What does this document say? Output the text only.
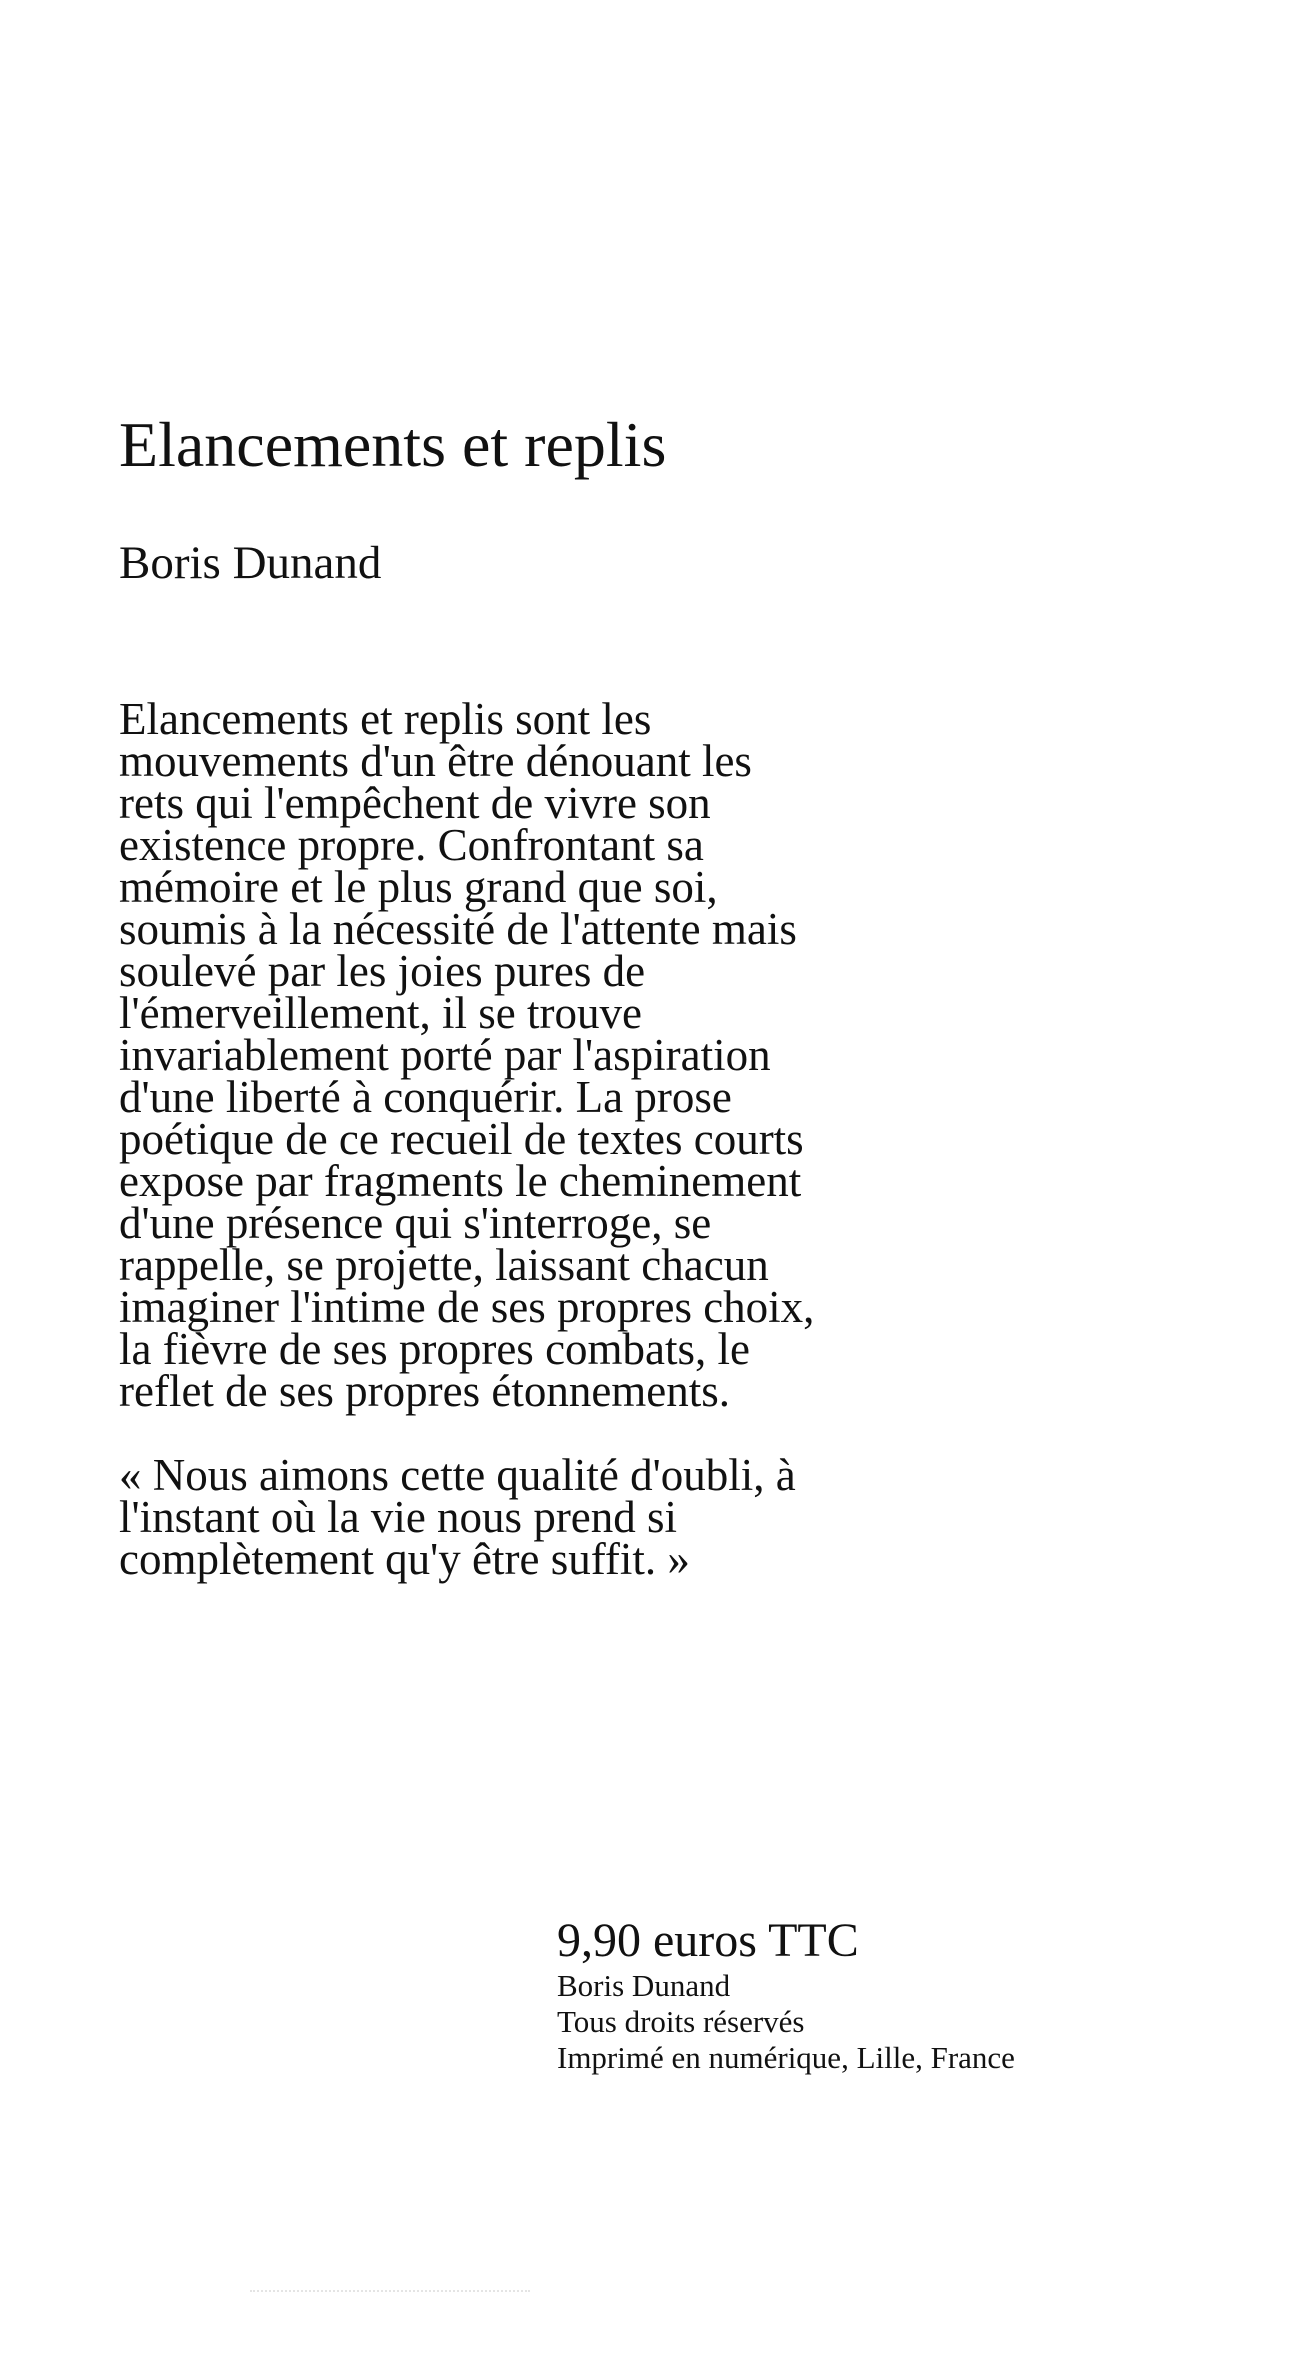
Elancements et replis
Boris Dunand

Elancements et replis sont les
mouvements d'un être dénouant les
rets qui l'empêchent de vivre son
existence propre. Confrontant sa
mémoire et le plus grand que soi,
soumis à la nécessité de l'attente mais
soulevé par les joies pures de
l'émerveillement, il se trouve
invariablement porté par l'aspiration
d'une liberté à conquérir. La prose
poétique de ce recueil de textes courts
expose par fragments le cheminement
d'une présence qui s'interroge, se
rappelle, se projette, laissant chacun
imaginer l'intime de ses propres choix,
la fièvre de ses propres combats, le
reflet de ses propres étonnements.

« Nous aimons cette qualité d'oubli, à
l'instant où la vie nous prend si
complètement qu'y être suffit. »

9,90 euros TTC
Boris Dunand
Tous droits réservés
Imprimé en numérique, Lille, France
